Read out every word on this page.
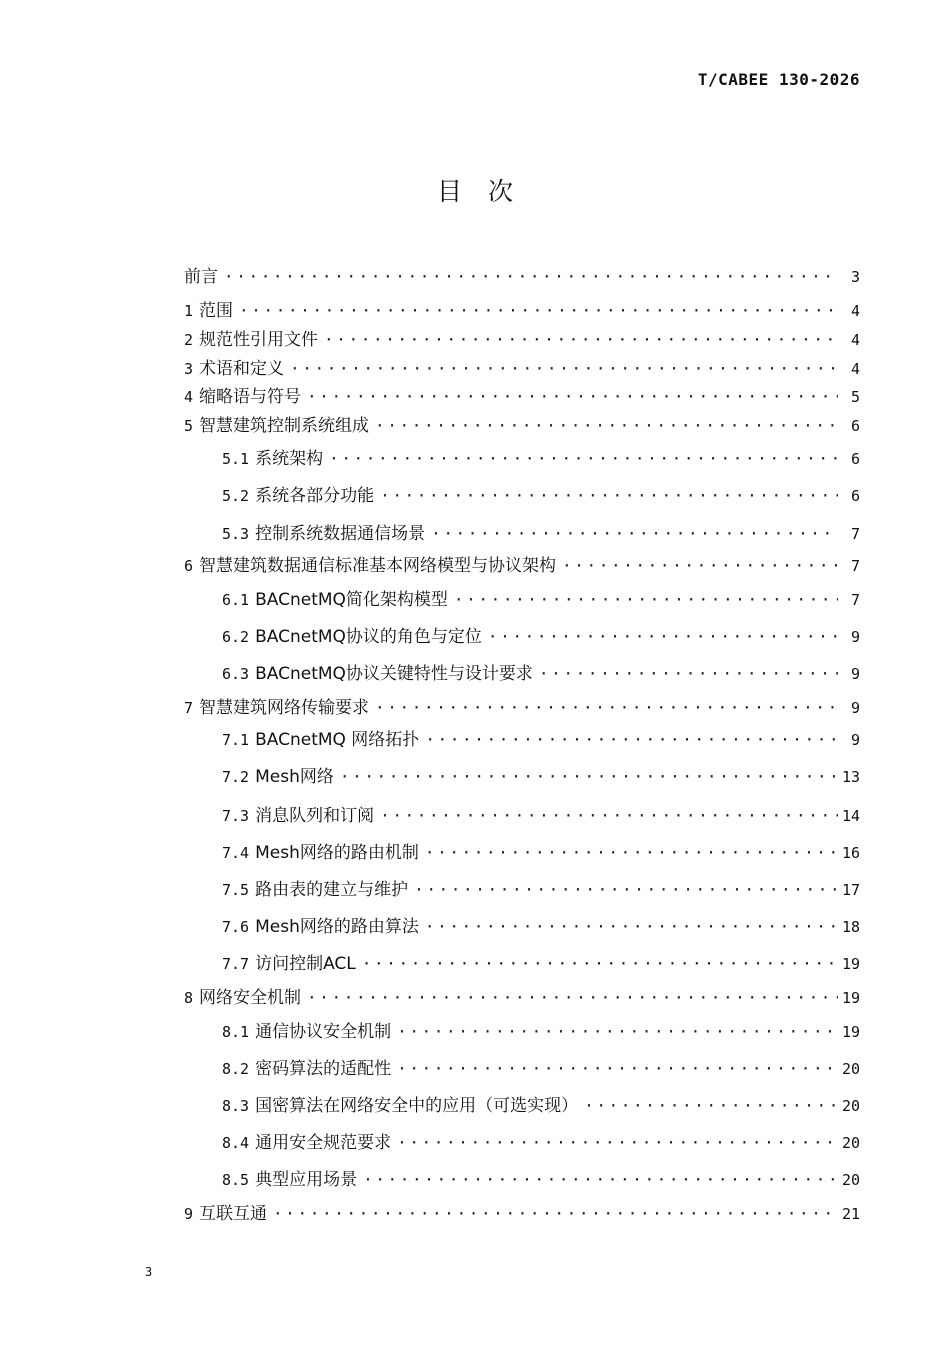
T/CABEE 130-2026
目 次
前言 ·····	3
1 范围 ·····	4
2 规范性引用文件 ·····	4
3 术语和定义 ·····	4
4 缩略语与符号 ·····	5
5 智慧建筑控制系统组成 ·····	6
5.1 系统架构 ·····	6
5.2 系统各部分功能 ·····	6
5.3 控制系统数据通信场景 ·····	7
6 智慧建筑数据通信标准基本网络模型与协议架构 ·····	7
6.1 BACnetMQ简化架构模型 ·····	7
6.2 BACnetMQ协议的角色与定位 ·····	9
6.3 BACnetMQ协议关键特性与设计要求 ·····	9
7 智慧建筑网络传输要求 ·····	9
7.1 BACnetMQ 网络拓扑 ·····	9
7.2 Mesh网络 ·····	13
7.3 消息队列和订阅 ·····	14
7.4 Mesh网络的路由机制 ·····	16
7.5 路由表的建立与维护 ·····	17
7.6 Mesh网络的路由算法 ·····	18
7.7 访问控制ACL ·····	19
8 网络安全机制 ·····	19
8.1 通信协议安全机制 ·····	19
8.2 密码算法的适配性 ·····	20
8.3 国密算法在网络安全中的应用（可选实现） ·····	20
8.4 通用安全规范要求 ·····	20
8.5 典型应用场景 ·····	20
9 互联互通 ·····	21
3
